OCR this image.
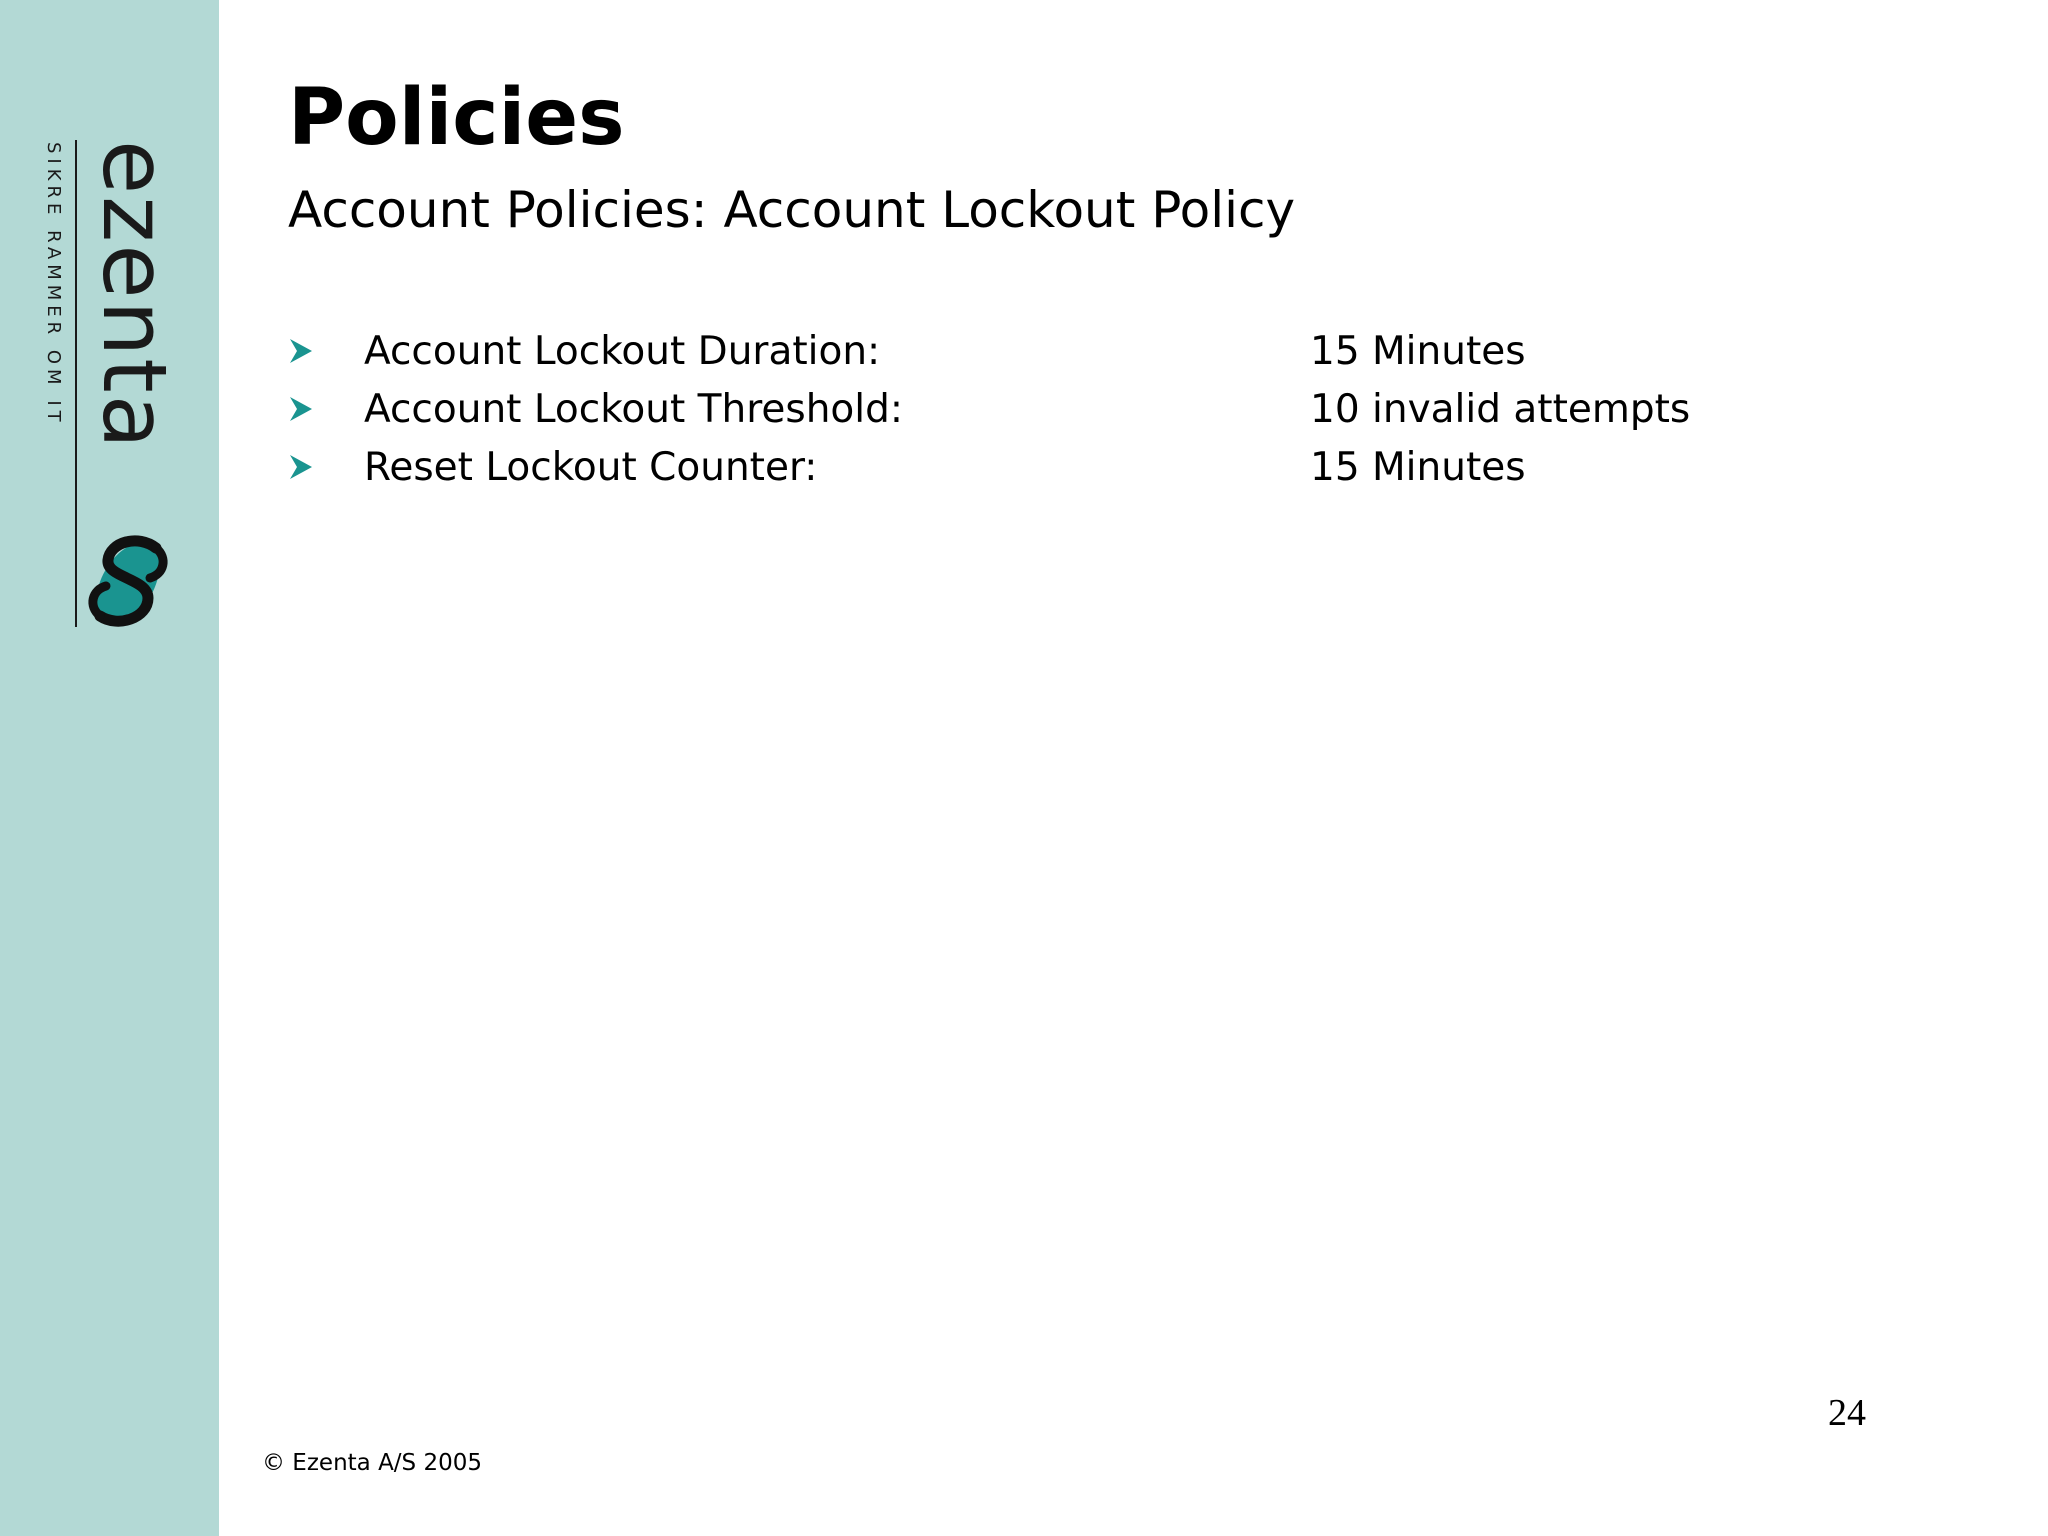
ezenta
SIKRE RAMMER OM IT
Policies
Account Policies: Account Lockout Policy
Account Lockout Duration:	15 Minutes
Account Lockout Threshold:	10 invalid attempts
Reset Lockout Counter:	15 Minutes
24
© Ezenta A/S 2005
